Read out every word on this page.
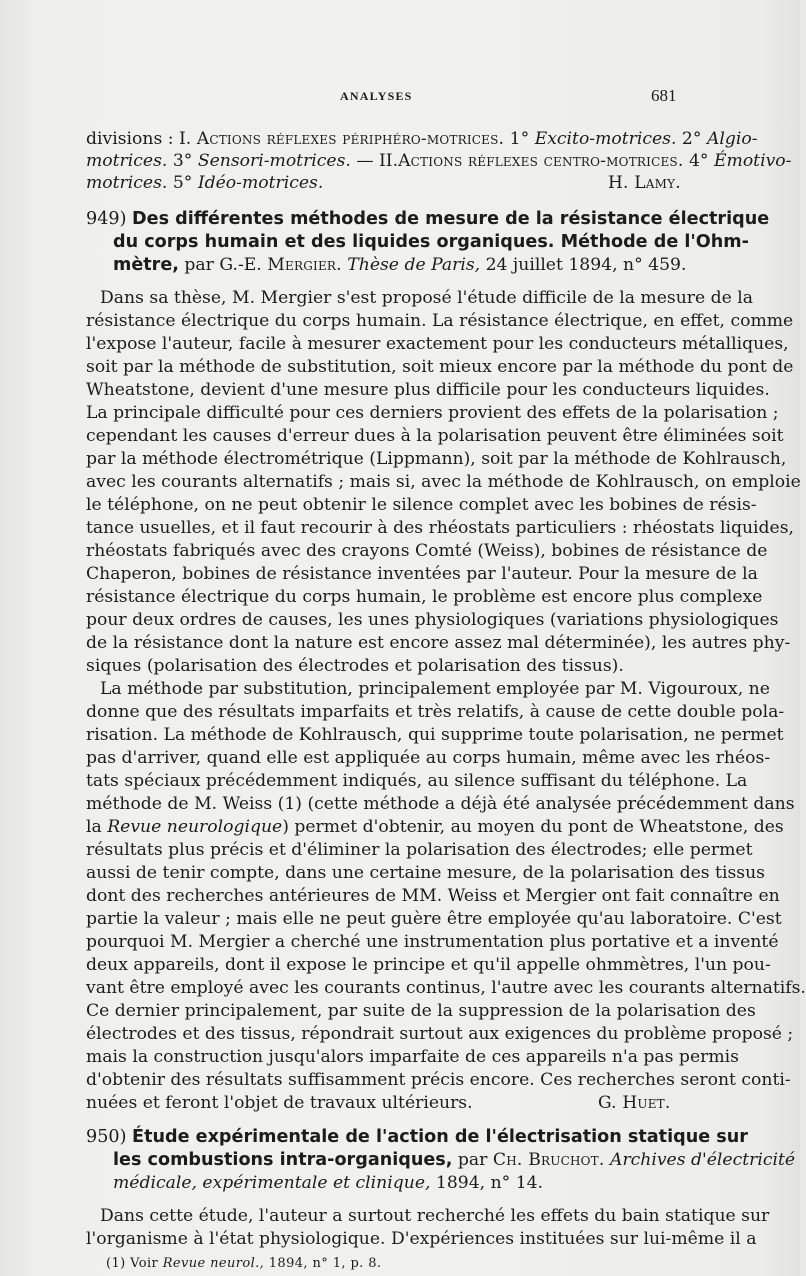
ANALYSES	681
divisions : I. Actions réflexes périphéro-motrices. 1° Excito-motrices. 2° Algio-
motrices. 3° Sensori-motrices. — II.Actions réflexes centro-motrices. 4° Émotivo-
motrices. 5° Idéo-motrices.	H. Lamy.
949) Des différentes méthodes de mesure de la résistance électrique
du corps humain et des liquides organiques. Méthode de l'Ohm-
mètre, par G.-E. Mergier. Thèse de Paris, 24 juillet 1894, n° 459.
Dans sa thèse, M. Mergier s'est proposé l'étude difficile de la mesure de la
résistance électrique du corps humain. La résistance électrique, en effet, comme
l'expose l'auteur, facile à mesurer exactement pour les conducteurs métalliques,
soit par la méthode de substitution, soit mieux encore par la méthode du pont de
Wheatstone, devient d'une mesure plus difficile pour les conducteurs liquides.
La principale difficulté pour ces derniers provient des effets de la polarisation ;
cependant les causes d'erreur dues à la polarisation peuvent être éliminées soit
par la méthode électrométrique (Lippmann), soit par la méthode de Kohlrausch,
avec les courants alternatifs ; mais si, avec la méthode de Kohlrausch, on emploie
le téléphone, on ne peut obtenir le silence complet avec les bobines de résis-
tance usuelles, et il faut recourir à des rhéostats particuliers : rhéostats liquides,
rhéostats fabriqués avec des crayons Comté (Weiss), bobines de résistance de
Chaperon, bobines de résistance inventées par l'auteur. Pour la mesure de la
résistance électrique du corps humain, le problème est encore plus complexe
pour deux ordres de causes, les unes physiologiques (variations physiologiques
de la résistance dont la nature est encore assez mal déterminée), les autres phy-
siques (polarisation des électrodes et polarisation des tissus).
La méthode par substitution, principalement employée par M. Vigouroux, ne
donne que des résultats imparfaits et très relatifs, à cause de cette double pola-
risation. La méthode de Kohlrausch, qui supprime toute polarisation, ne permet
pas d'arriver, quand elle est appliquée au corps humain, même avec les rhéos-
tats spéciaux précédemment indiqués, au silence suffisant du téléphone. La
méthode de M. Weiss (1) (cette méthode a déjà été analysée précédemment dans
la Revue neurologique) permet d'obtenir, au moyen du pont de Wheatstone, des
résultats plus précis et d'éliminer la polarisation des électrodes; elle permet
aussi de tenir compte, dans une certaine mesure, de la polarisation des tissus
dont des recherches antérieures de MM. Weiss et Mergier ont fait connaître en
partie la valeur ; mais elle ne peut guère être employée qu'au laboratoire. C'est
pourquoi M. Mergier a cherché une instrumentation plus portative et a inventé
deux appareils, dont il expose le principe et qu'il appelle ohmmètres, l'un pou-
vant être employé avec les courants continus, l'autre avec les courants alternatifs.
Ce dernier principalement, par suite de la suppression de la polarisation des
électrodes et des tissus, répondrait surtout aux exigences du problème proposé ;
mais la construction jusqu'alors imparfaite de ces appareils n'a pas permis
d'obtenir des résultats suffisamment précis encore. Ces recherches seront conti-
nuées et feront l'objet de travaux ultérieurs.	G. Huet.
950) Étude expérimentale de l'action de l'électrisation statique sur
les combustions intra-organiques, par Ch. Bruchot. Archives d'électricité
médicale, expérimentale et clinique, 1894, n° 14.
Dans cette étude, l'auteur a surtout recherché les effets du bain statique sur
l'organisme à l'état physiologique. D'expériences instituées sur lui-même il a
(1) Voir Revue neurol., 1894, n° 1, p. 8.
